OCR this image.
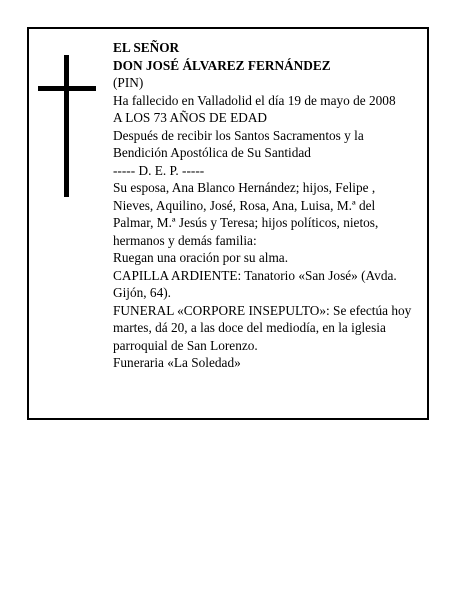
EL SEÑOR
DON JOSÉ ÁLVAREZ FERNÁNDEZ
(PIN)
Ha fallecido en Valladolid el día 19 de mayo de 2008
A LOS 73 AÑOS DE EDAD
Después de recibir los Santos Sacramentos y la
Bendición Apostólica de Su Santidad
----- D. E. P. -----
Su esposa, Ana Blanco Hernández; hijos, Felipe ,
Nieves, Aquilino, José, Rosa, Ana, Luisa, M.ª del
Palmar, M.ª Jesús y Teresa; hijos políticos, nietos,
hermanos y demás familia:
Ruegan una oración por su alma.
CAPILLA ARDIENTE: Tanatorio «San José» (Avda.
Gijón, 64).
FUNERAL «CORPORE INSEPULTO»: Se efectúa hoy
martes, dá 20, a las doce del mediodía, en la iglesia
parroquial de San Lorenzo.
Funeraria «La Soledad»
